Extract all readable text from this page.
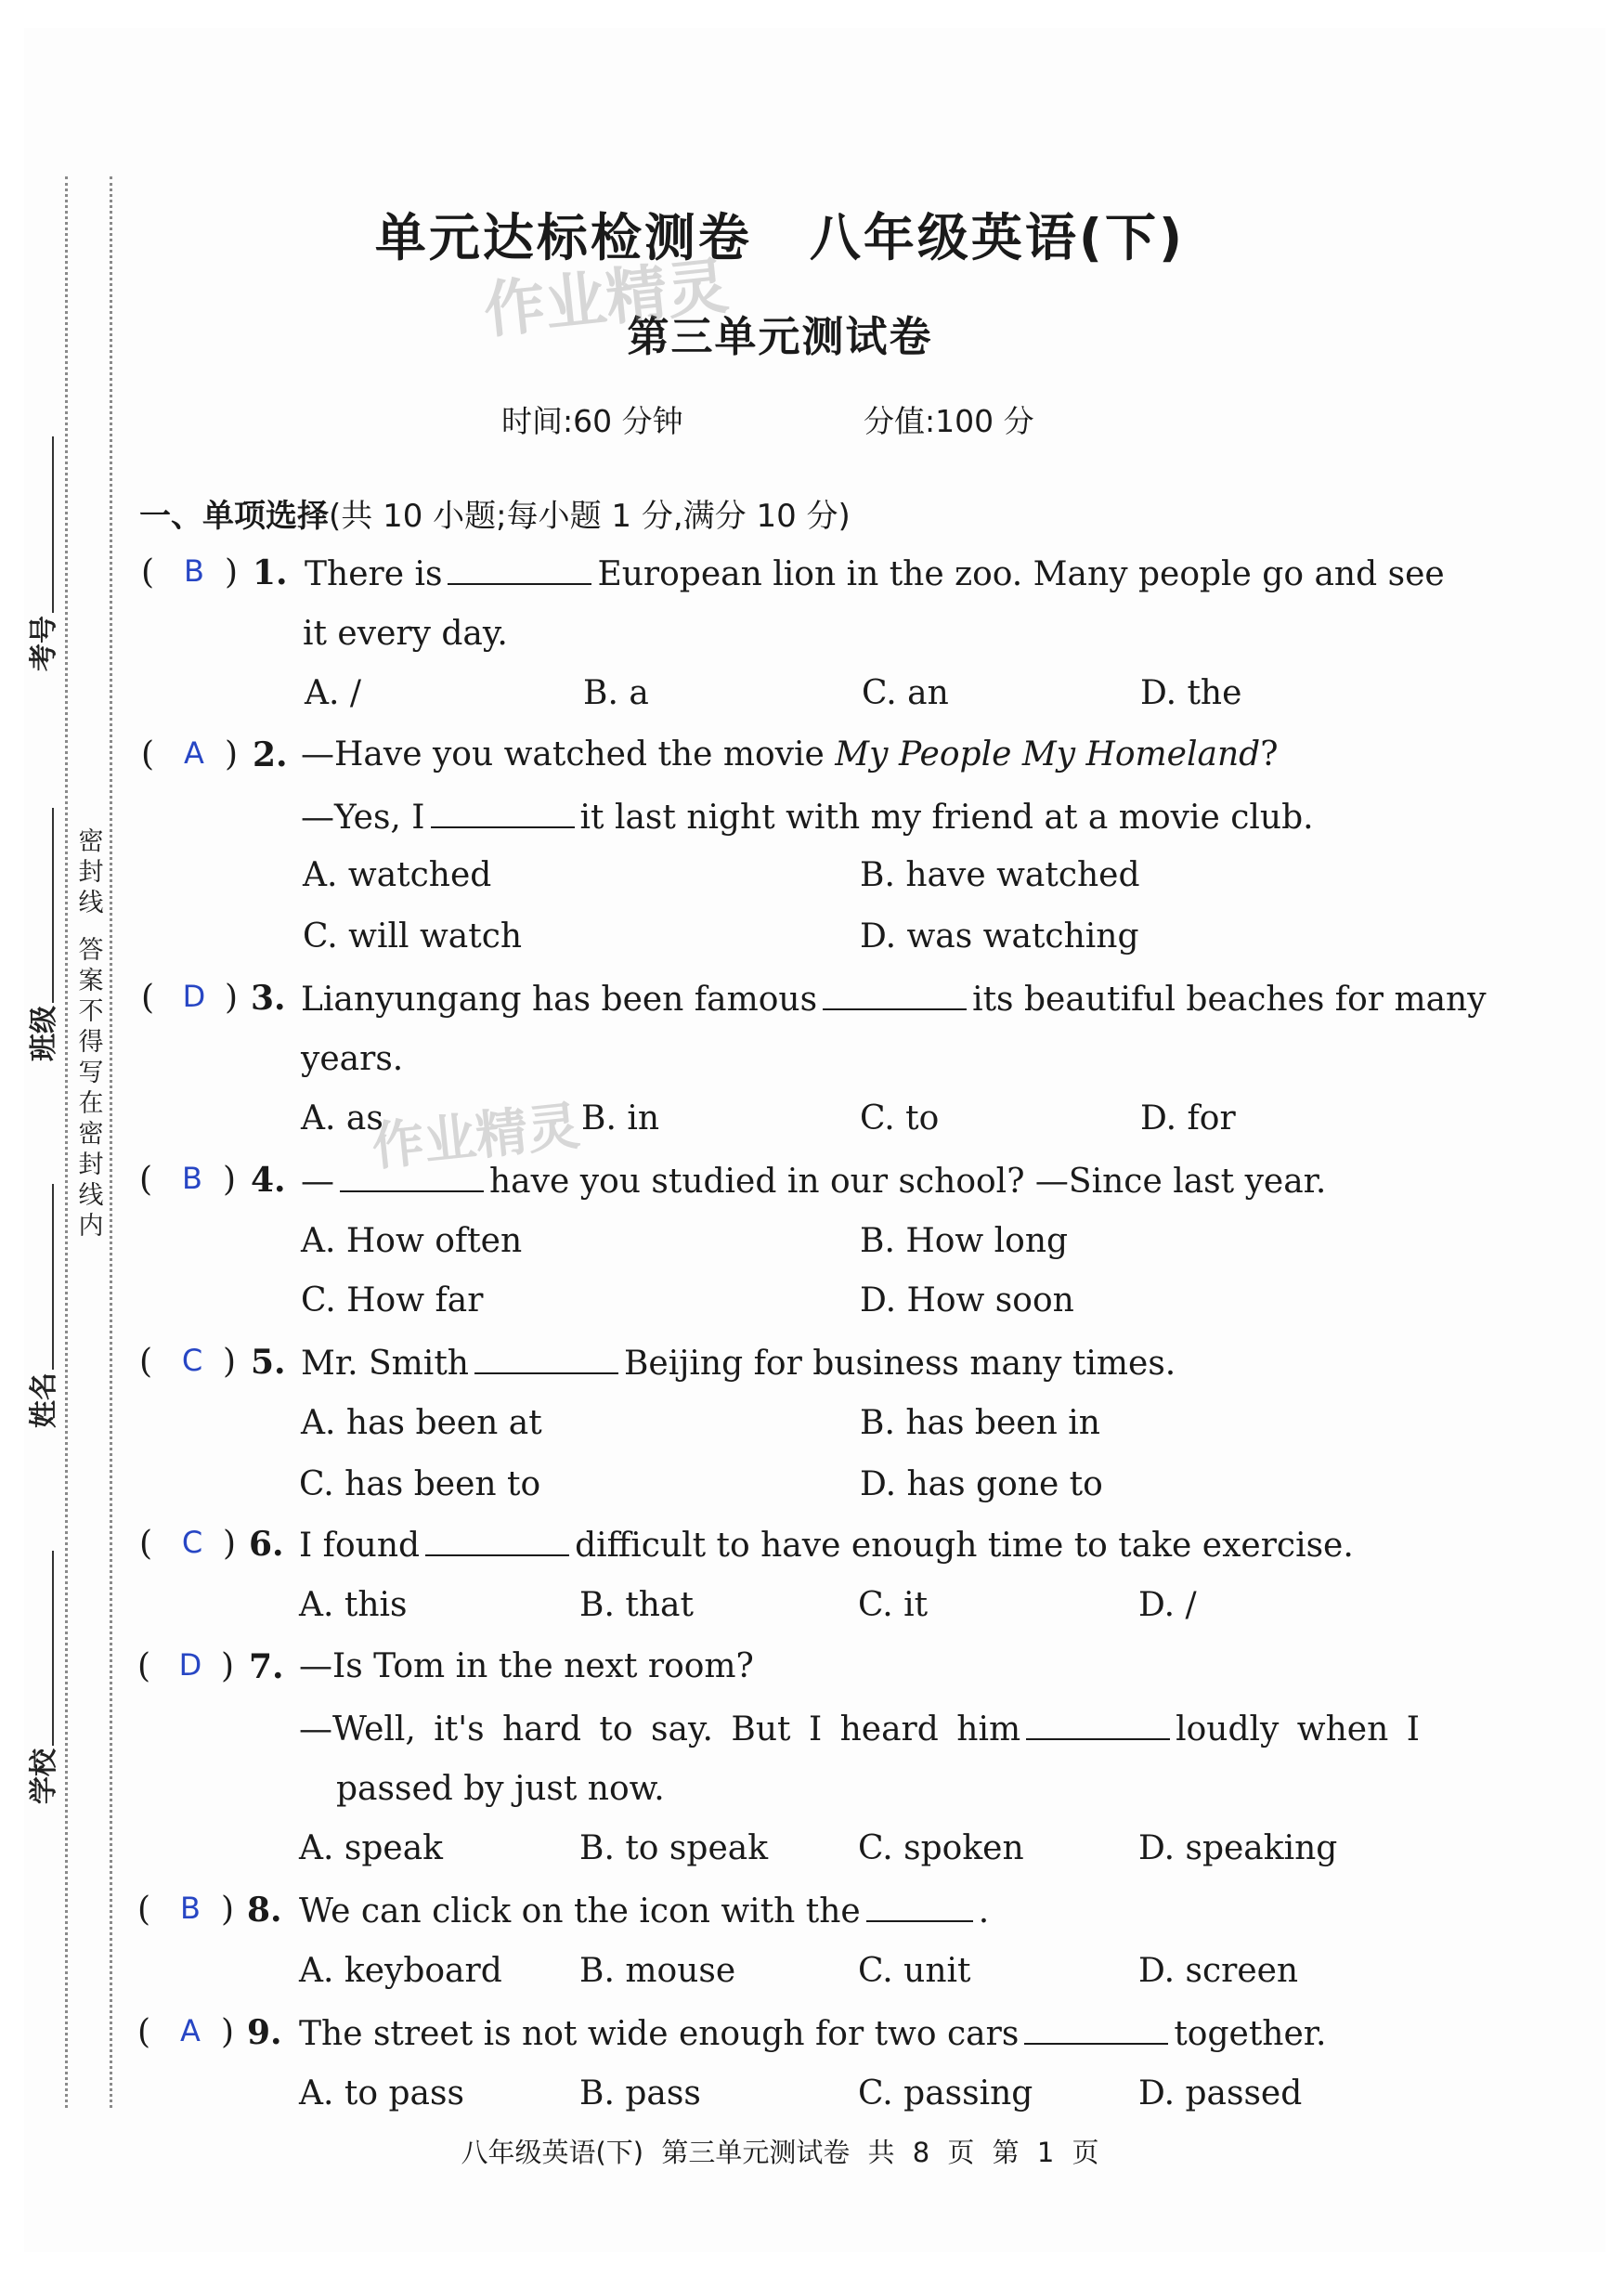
密
封
线
答
案
不
得
写
在
密
封
线
内
考号
班级
姓名
学校
单元达标检测卷 八年级英语(下)
第三单元测试卷
时间:60 分钟	分值:100 分
作业精灵
作业精灵
一、单项选择(共 10 小题;每小题 1 分,满分 10 分)
( B ) 1. There is	European lion in the zoo. Many people go and see
it every day.
A. /	B. a	C. an	D. the
(	A ) 2. —Have you watched the movie My People My Homeland?
—Yes, I	it last night with my friend at a movie club.
A. watched	B. have watched
C. will watch	D. was watching
( D ) 3. Lianyungang has been famous	its beautiful beaches for many
years.
A. as	B. in	C. to	D. for
( B ) 4. —	have you studied in our school? —Since last year.
A. How often	B. How long
C. How far	D. How soon
( C ) 5. Mr. Smith	Beijing for business many times.
A. has been at	B. has been in
C. has been to	D. has gone to
( C ) 6. I found	difficult to have enough time to take exercise.
A. this	B. that	C. it	D. /
( D ) 7. —Is Tom in the next room?
—Well, it's hard to say. But I heard him	loudly when I
passed by just now.
A. speak	B. to speak	C. spoken	D. speaking
( B ) 8. We can click on the icon with the	.
A. keyboard B. mouse	C. unit	D. screen
(	A ) 9. The street is not wide enough for two cars	together.
A. to pass	B. pass	C. passing	D. passed
八年级英语(下) 第三单元测试卷 共 8 页 第 1 页
